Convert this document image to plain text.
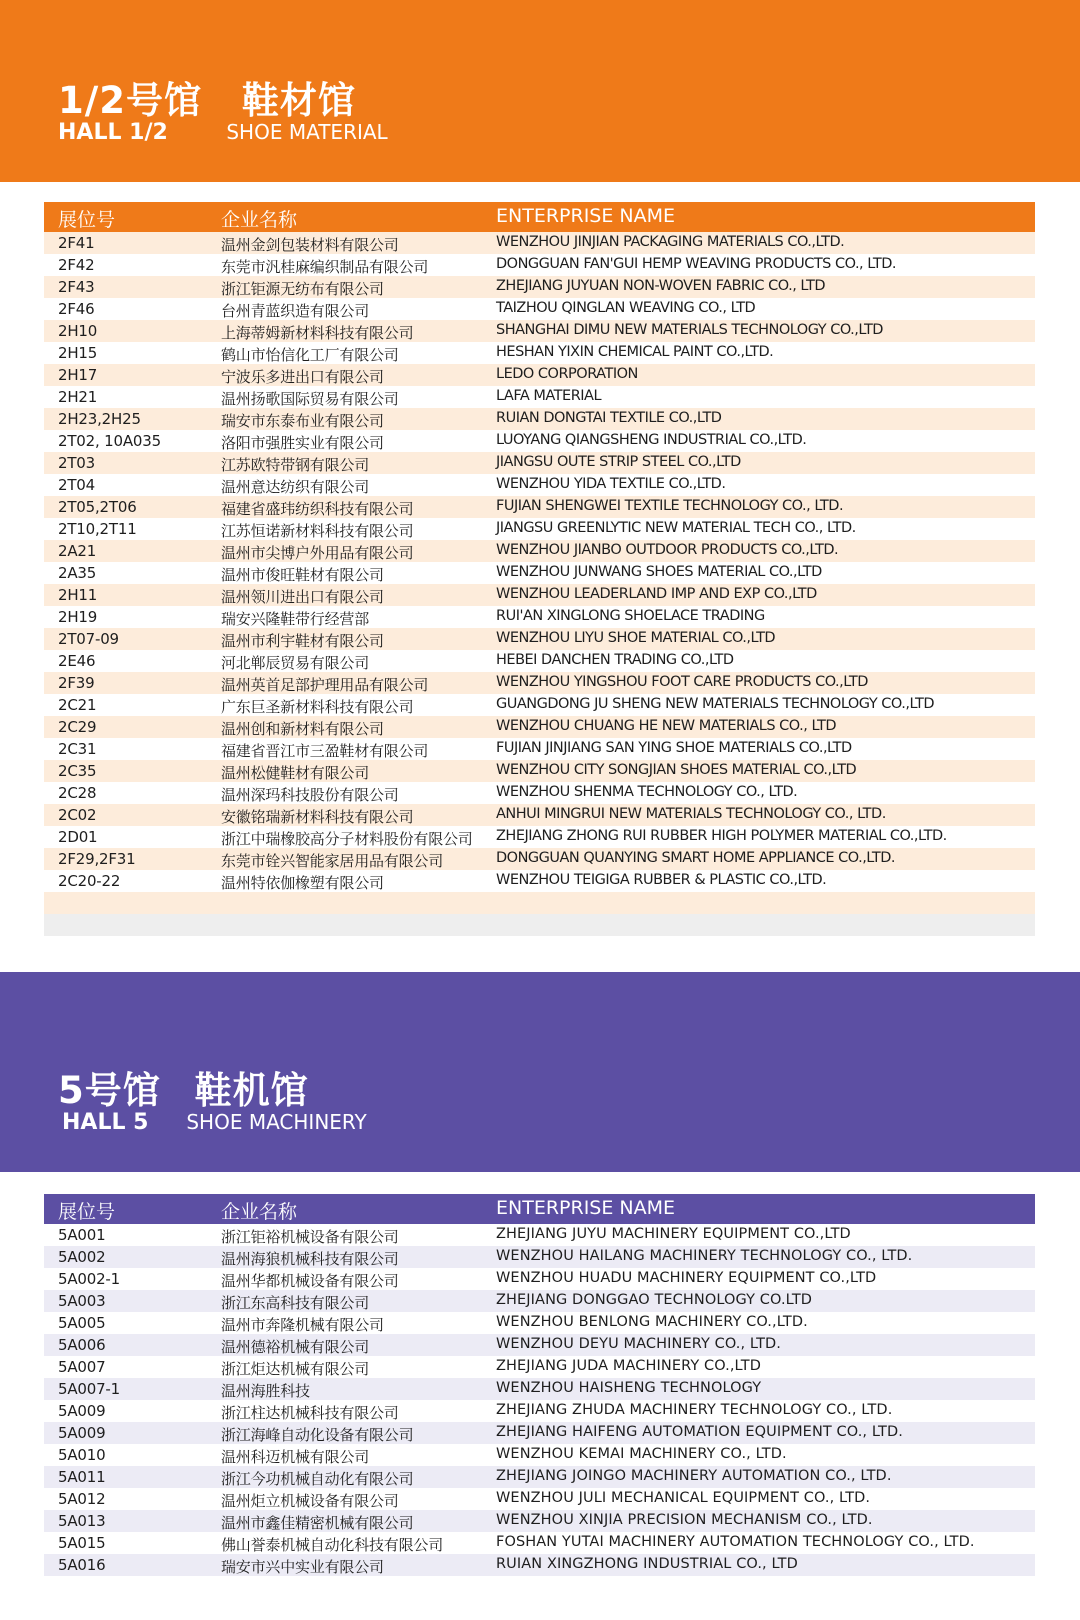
1/2号馆 鞋材馆
HALL 1/2	SHOE MATERIAL
展位号	企业名称	ENTERPRISE NAME
2F41	温州金剑包装材料有限公司	WENZHOU JINJIAN PACKAGING MATERIALS CO.,LTD.
2F42	东莞市汎桂麻编织制品有限公司	DONGGUAN FAN'GUI HEMP WEAVING PRODUCTS CO., LTD.
2F43	浙江钜源无纺布有限公司	ZHEJIANG JUYUAN NON-WOVEN FABRIC CO., LTD
2F46	台州青蓝织造有限公司	TAIZHOU QINGLAN WEAVING CO., LTD
2H10	上海蒂姆新材料科技有限公司	SHANGHAI DIMU NEW MATERIALS TECHNOLOGY CO.,LTD
2H15	鹤山市怡信化工厂有限公司	HESHAN YIXIN CHEMICAL PAINT CO.,LTD.
2H17	宁波乐多进出口有限公司	LEDO CORPORATION
2H21	温州扬歌国际贸易有限公司	LAFA MATERIAL
2H23,2H25	瑞安市东泰布业有限公司	RUIAN DONGTAI TEXTILE CO.,LTD
2T02, 10A035	洛阳市强胜实业有限公司	LUOYANG QIANGSHENG INDUSTRIAL CO.,LTD.
2T03	江苏欧特带钢有限公司	JIANGSU OUTE STRIP STEEL CO.,LTD
2T04	温州意达纺织有限公司	WENZHOU YIDA TEXTILE CO.,LTD.
2T05,2T06	福建省盛玮纺织科技有限公司	FUJIAN SHENGWEI TEXTILE TECHNOLOGY CO., LTD.
2T10,2T11	江苏恒诺新材料科技有限公司	JIANGSU GREENLYTIC NEW MATERIAL TECH CO., LTD.
2A21	温州市尖博户外用品有限公司	WENZHOU JIANBO OUTDOOR PRODUCTS CO.,LTD.
2A35	温州市俊旺鞋材有限公司	WENZHOU JUNWANG SHOES MATERIAL CO.,LTD
2H11	温州领川进出口有限公司	WENZHOU LEADERLAND IMP AND EXP CO.,LTD
2H19	瑞安兴隆鞋带行经营部	RUI'AN XINGLONG SHOELACE TRADING
2T07-09	温州市利宇鞋材有限公司	WENZHOU LIYU SHOE MATERIAL CO.,LTD
2E46	河北郸辰贸易有限公司	HEBEI DANCHEN TRADING CO.,LTD
2F39	温州英首足部护理用品有限公司	WENZHOU YINGSHOU FOOT CARE PRODUCTS CO.,LTD
2C21	广东巨圣新材料科技有限公司	GUANGDONG JU SHENG NEW MATERIALS TECHNOLOGY CO.,LTD
2C29	温州创和新材料有限公司	WENZHOU CHUANG HE NEW MATERIALS CO., LTD
2C31	福建省晋江市三盈鞋材有限公司	FUJIAN JINJIANG SAN YING SHOE MATERIALS CO.,LTD
2C35	温州松健鞋材有限公司	WENZHOU CITY SONGJIAN SHOES MATERIAL CO.,LTD
2C28	温州深玛科技股份有限公司	WENZHOU SHENMA TECHNOLOGY CO., LTD.
2C02	安徽铭瑞新材料科技有限公司	ANHUI MINGRUI NEW MATERIALS TECHNOLOGY CO., LTD.
2D01	浙江中瑞橡胶高分子材料股份有限公司 ZHEJIANG ZHONG RUI RUBBER HIGH POLYMER MATERIAL CO.,LTD.
2F29,2F31	东莞市铨兴智能家居用品有限公司	DONGGUAN QUANYING SMART HOME APPLIANCE CO.,LTD.
2C20-22	温州特依伽橡塑有限公司	WENZHOU TEIGIGA RUBBER & PLASTIC CO.,LTD.
5号馆 鞋机馆
HALL 5 SHOE MACHINERY
展位号	企业名称	ENTERPRISE NAME
5A001	浙江钜裕机械设备有限公司	ZHEJIANG JUYU MACHINERY EQUIPMENT CO.,LTD
5A002	温州海狼机械科技有限公司	WENZHOU HAILANG MACHINERY TECHNOLOGY CO., LTD.
5A002-1	温州华都机械设备有限公司	WENZHOU HUADU MACHINERY EQUIPMENT CO.,LTD
5A003	浙江东高科技有限公司	ZHEJIANG DONGGAO TECHNOLOGY CO.LTD
5A005	温州市奔隆机械有限公司	WENZHOU BENLONG MACHINERY CO.,LTD.
5A006	温州德裕机械有限公司	WENZHOU DEYU MACHINERY CO., LTD.
5A007	浙江炬达机械有限公司	ZHEJIANG JUDA MACHINERY CO.,LTD
5A007-1	温州海胜科技	WENZHOU HAISHENG TECHNOLOGY
5A009	浙江柱达机械科技有限公司	ZHEJIANG ZHUDA MACHINERY TECHNOLOGY CO., LTD.
5A009	浙江海峰自动化设备有限公司	ZHEJIANG HAIFENG AUTOMATION EQUIPMENT CO., LTD.
5A010	温州科迈机械有限公司	WENZHOU KEMAI MACHINERY CO., LTD.
5A011	浙江今功机械自动化有限公司	ZHEJIANG JOINGO MACHINERY AUTOMATION CO., LTD.
5A012	温州炬立机械设备有限公司	WENZHOU JULI MECHANICAL EQUIPMENT CO., LTD.
5A013	温州市鑫佳精密机械有限公司	WENZHOU XINJIA PRECISION MECHANISM CO., LTD.
5A015	佛山誉泰机械自动化科技有限公司	FOSHAN YUTAI MACHINERY AUTOMATION TECHNOLOGY CO., LTD.
5A016	瑞安市兴中实业有限公司	RUIAN XINGZHONG INDUSTRIAL CO., LTD
